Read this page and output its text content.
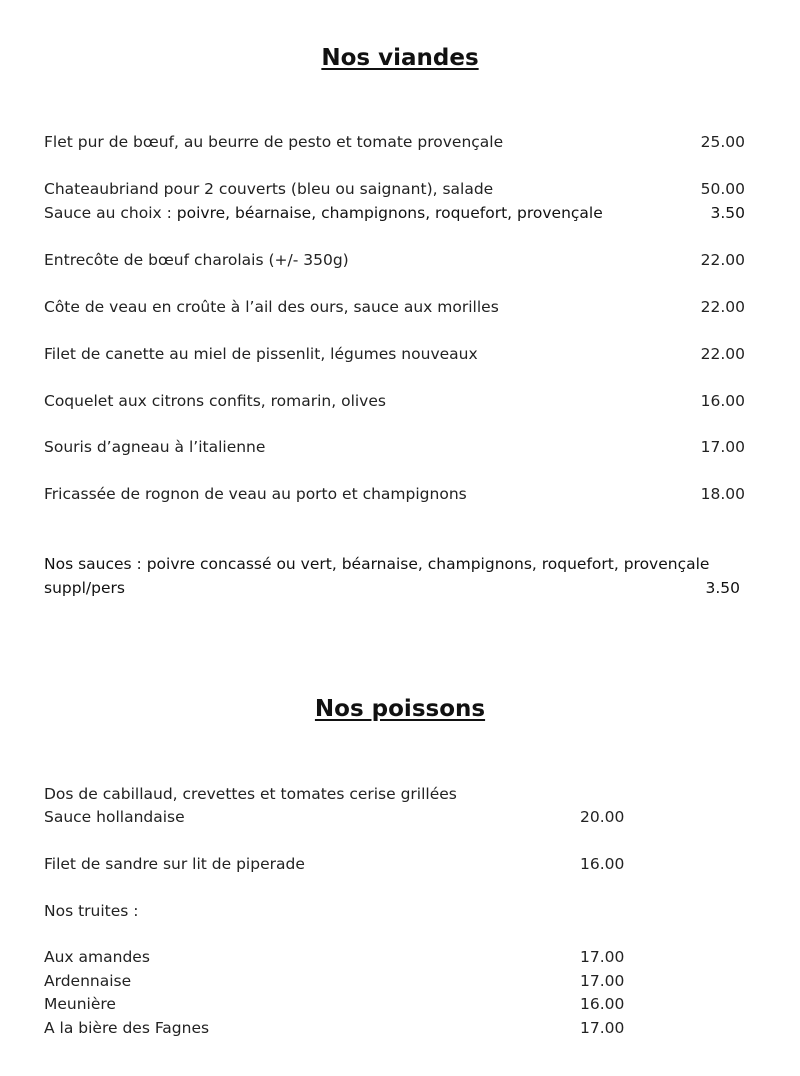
Nos viandes
Flet pur de bœuf, au beurre de pesto et tomate provençale	25.00
Chateaubriand pour 2 couverts (bleu ou saignant), salade	50.00
Sauce au choix : poivre, béarnaise, champignons, roquefort, provençale	3.50
Entrecôte de bœuf charolais (+/- 350g)	22.00
Côte de veau en croûte à l’ail des ours, sauce aux morilles	22.00
Filet de canette au miel de pissenlit, légumes nouveaux	22.00
Coquelet aux citrons confits, romarin, olives	16.00
Souris d’agneau à l’italienne	17.00
Fricassée de rognon de veau au porto et champignons	18.00
Nos sauces : poivre concassé ou vert, béarnaise, champignons, roquefort, provençale
suppl/pers	3.50
Nos poissons
Dos de cabillaud, crevettes et tomates cerise grillées
Sauce hollandaise	20.00
Filet de sandre sur lit de piperade	16.00
Nos truites :
Aux amandes	17.00
Ardennaise	17.00
Meunière	16.00
A la bière des Fagnes	17.00
